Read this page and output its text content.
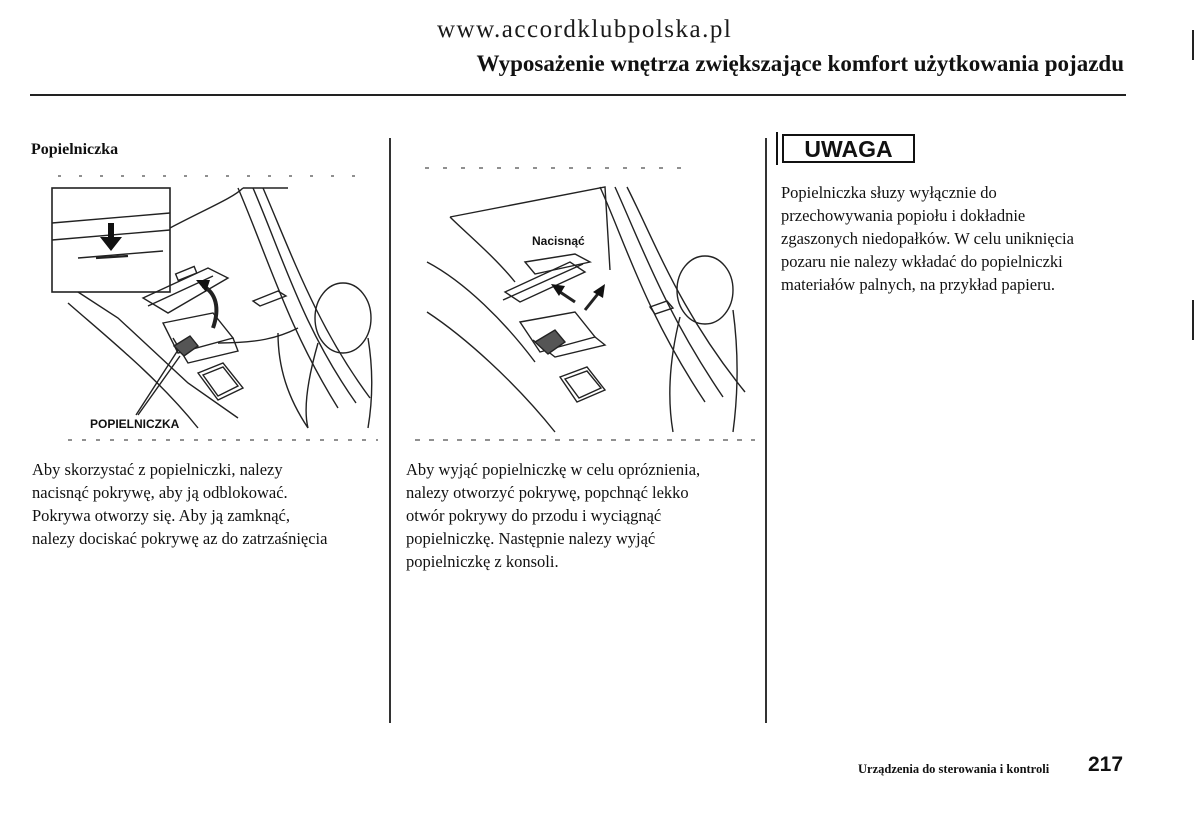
www.accordklubpolska.pl
Wyposażenie wnętrza zwiększające komfort użytkowania pojazdu
Popielniczka
POPIELNICZKA
Nacisnąć

Aby skorzystać z popielniczki, nalezy

nacisnąć pokrywę, aby ją odblokować.

Pokrywa otworzy się. Aby ją zamknąć,

nalezy dociskać pokrywę az do zatrzaśnięcia

Aby wyjąć popielniczkę w celu opróznienia,

nalezy otworzyć pokrywę, popchnąć lekko

otwór pokrywy do przodu i wyciągnąć

popielniczkę. Następnie nalezy wyjąć

popielniczkę z konsoli.

UWAGA

Popielniczka słuzy wyłącznie do

przechowywania popiołu i dokładnie

zgaszonych niedopałków. W celu uniknięcia

pozaru nie nalezy wkładać do popielniczki

materiałów palnych, na przykład papieru.

Urządzenia do sterowania i kontroli 217
